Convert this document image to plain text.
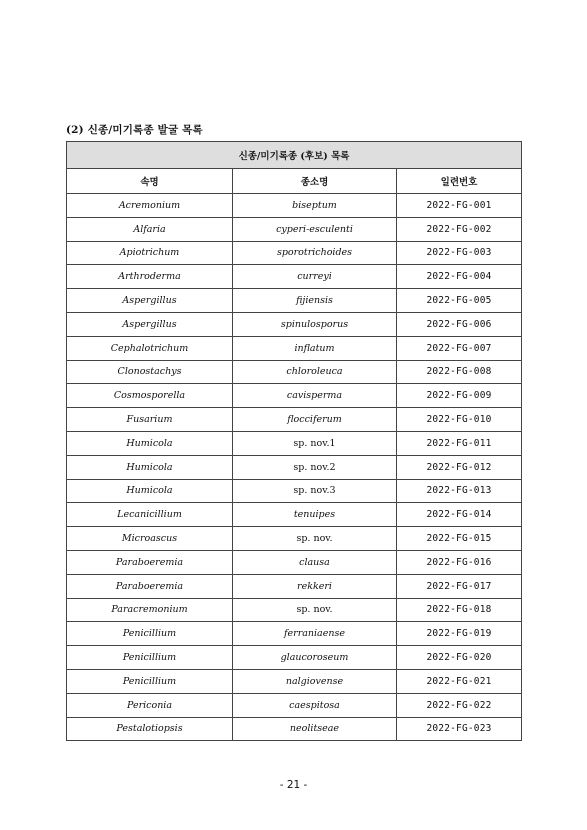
(2) 신종/미기록종 발굴 목록
신종/미기록종 (후보) 목록		
속명	종소명	일련번호
Acremonium	biseptum	2022-FG-001
Alfaria	cyperi-esculenti	2022-FG-002
Apiotrichum	sporotrichoides	2022-FG-003
Arthroderma	curreyi	2022-FG-004
Aspergillus	fijiensis	2022-FG-005
Aspergillus	spinulosporus	2022-FG-006
Cephalotrichum	inflatum	2022-FG-007
Clonostachys	chloroleuca	2022-FG-008
Cosmosporella	cavisperma	2022-FG-009
Fusarium	flocciferum	2022-FG-010
Humicola	sp. nov.1	2022-FG-011
Humicola	sp. nov.2	2022-FG-012
Humicola	sp. nov.3	2022-FG-013
Lecanicillium	tenuipes	2022-FG-014
Microascus	sp. nov.	2022-FG-015
Paraboeremia	clausa	2022-FG-016
Paraboeremia	rekkeri	2022-FG-017
Paracremonium	sp. nov.	2022-FG-018
Penicillium	ferraniaense	2022-FG-019
Penicillium	glaucoroseum	2022-FG-020
Penicillium	nalgiovense	2022-FG-021
Periconia	caespitosa	2022-FG-022
Pestalotiopsis	neolitseae	2022-FG-023
- 21 -
